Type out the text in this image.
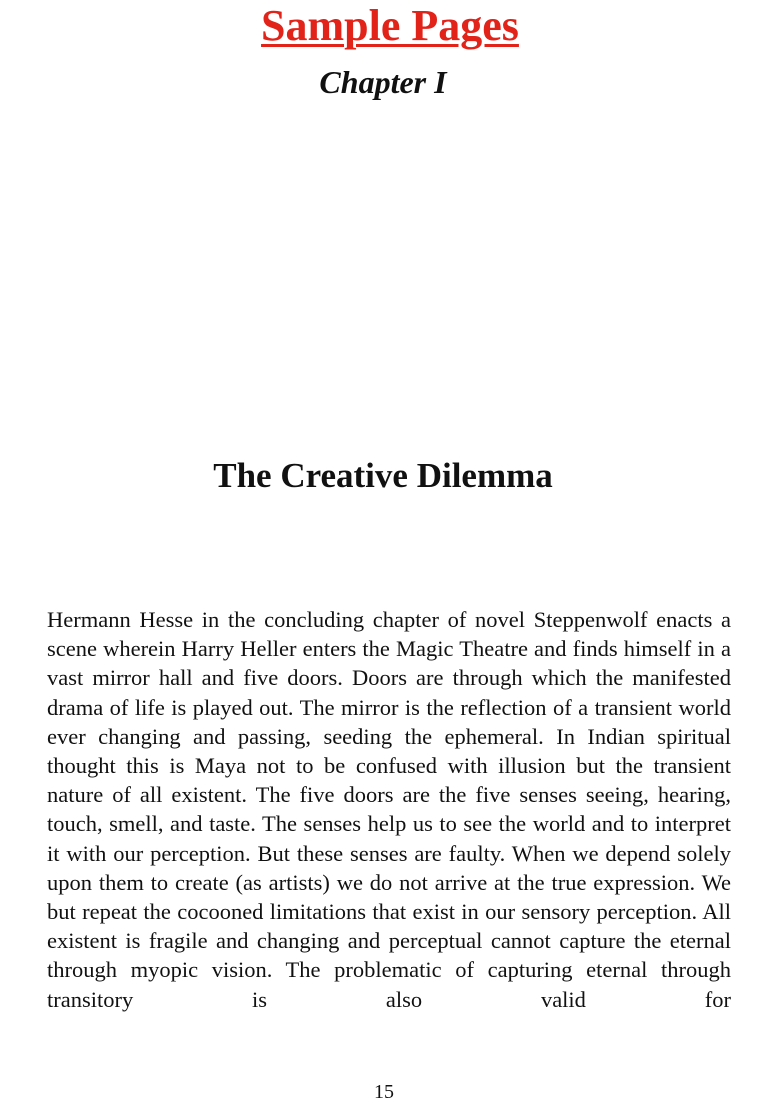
Sample Pages
Chapter I
The Creative Dilemma

Hermann Hesse in the concluding chapter of novel Steppenwolf enacts a scene wherein Harry Heller enters the Magic Theatre and finds himself in a vast mirror hall and five doors. Doors are through which the manifested drama of life is played out. The mirror is the reflection of a transient world ever changing and passing, seeding the ephemeral. In Indian spiritual thought this is Maya not to be confused with illusion but the transient nature of all existent. The five doors are the five senses seeing, hearing, touch, smell, and taste. The senses help us to see the world and to interpret it with our perception. But these senses are faulty. When we depend solely upon them to create (as artists) we do not arrive at the true expression. We but repeat the cocooned limitations that exist in our sensory perception. All existent is fragile and changing and perceptual cannot capture the eternal through myopic vision. The problematic of capturing eternal through transitory is also valid for

15
